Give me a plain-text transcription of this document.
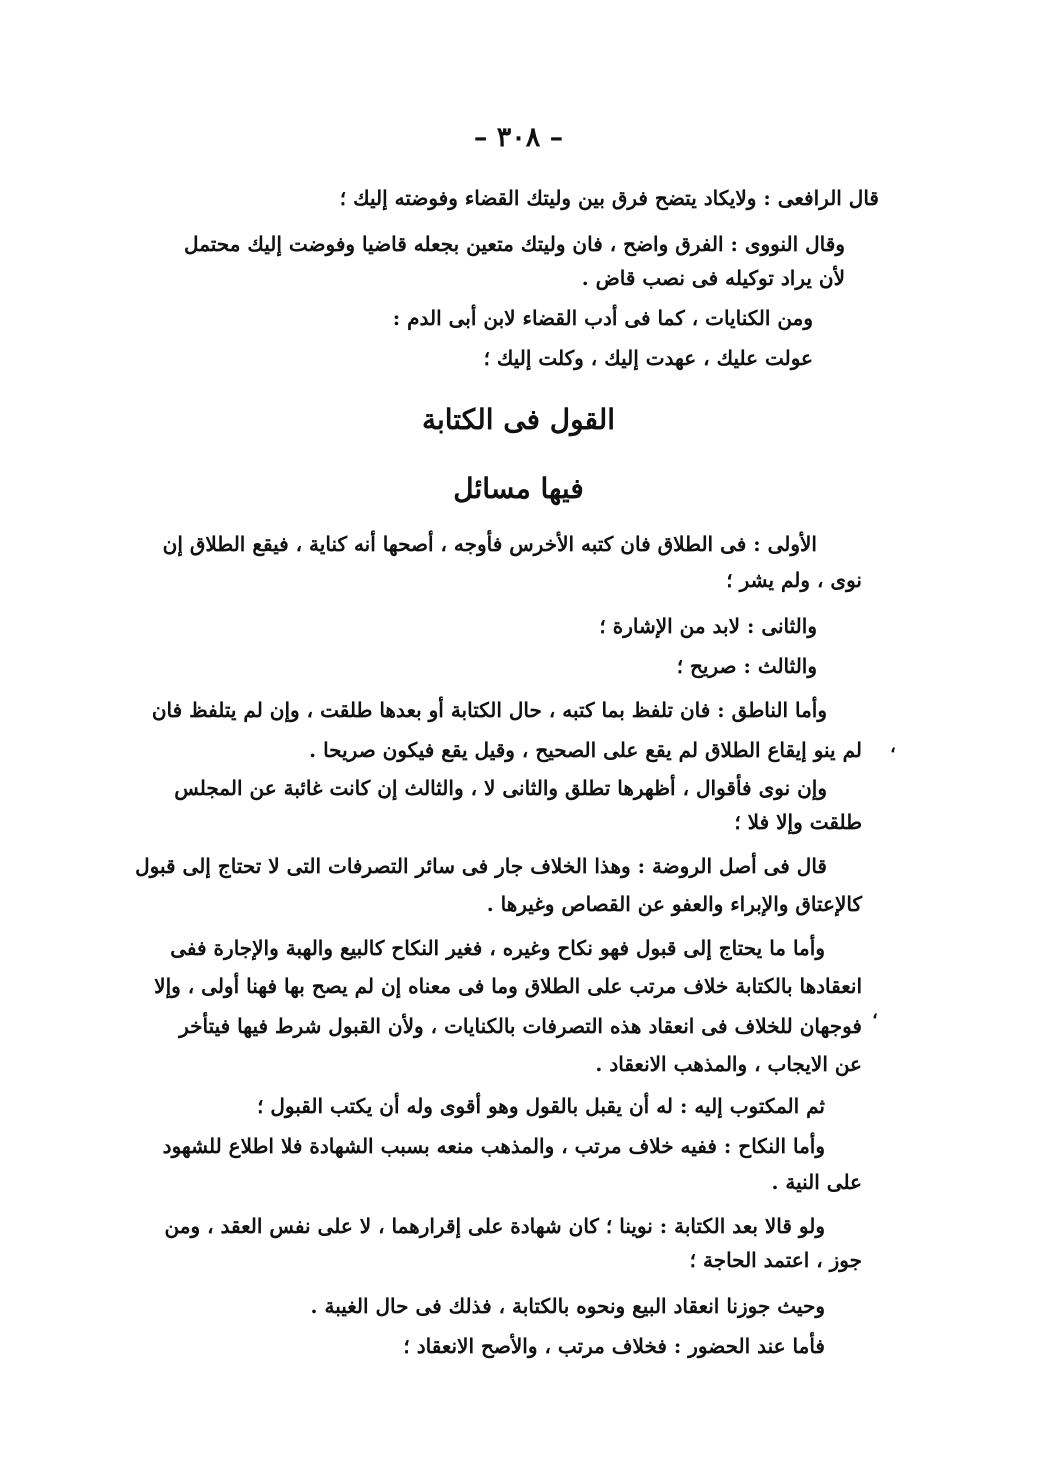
– ٣٠٨ –
قال الرافعى : ولايكاد يتضح فرق بين وليتك القضاء وفوضته إليك ؛
وقال النووى : الفرق واضح ، فان وليتك متعين بجعله قاضيا وفوضت إليك محتمل
لأن يراد توكيله فى نصب قاض .
ومن الكنايات ، كما فى أدب القضاء لابن أبى الدم :
عولت عليك ، عهدت إليك ، وكلت إليك ؛
القول فى الكتابة
فيها مسائل
الأولى : فى الطلاق فان كتبه الأخرس فأوجه ، أصحها أنه كناية ، فيقع الطلاق إن
نوى ، ولم يشر ؛
والثانى : لابد من الإشارة ؛
والثالث : صريح ؛
وأما الناطق : فان تلفظ بما كتبه ، حال الكتابة أو بعدها طلقت ، وإن لم يتلفظ فان
لم ينو إيقاع الطلاق لم يقع على الصحيح ، وقيل يقع فيكون صريحا .
وإن نوى فأقوال ، أظهرها تطلق والثانى لا ، والثالث إن كانت غائبة عن المجلس
طلقت وإلا فلا ؛
قال فى أصل الروضة : وهذا الخلاف جار فى سائر التصرفات التى لا تحتاج إلى قبول
كالإعتاق والإبراء والعفو عن القصاص وغيرها .
وأما ما يحتاج إلى قبول فهو نكاح وغيره ، فغير النكاح كالبيع والهبة والإجارة ففى
انعقادها بالكتابة خلاف مرتب على الطلاق وما فى معناه إن لم يصح بها فهنا أولى ، وإلا
فوجهان للخلاف فى انعقاد هذه التصرفات بالكنايات ، ولأن القبول شرط فيها فيتأخر
عن الايجاب ، والمذهب الانعقاد .
ثم المكتوب إليه : له أن يقبل بالقول وهو أقوى وله أن يكتب القبول ؛
وأما النكاح : ففيه خلاف مرتب ، والمذهب منعه بسبب الشهادة فلا اطلاع للشهود
على النية .
ولو قالا بعد الكتابة : نوينا ؛ كان شهادة على إقرارهما ، لا على نفس العقد ، ومن
جوز ، اعتمد الحاجة ؛
وحيث جوزنا انعقاد البيع ونحوه بالكتابة ، فذلك فى حال الغيبة .
فأما عند الحضور : فخلاف مرتب ، والأصح الانعقاد ؛
،
،
